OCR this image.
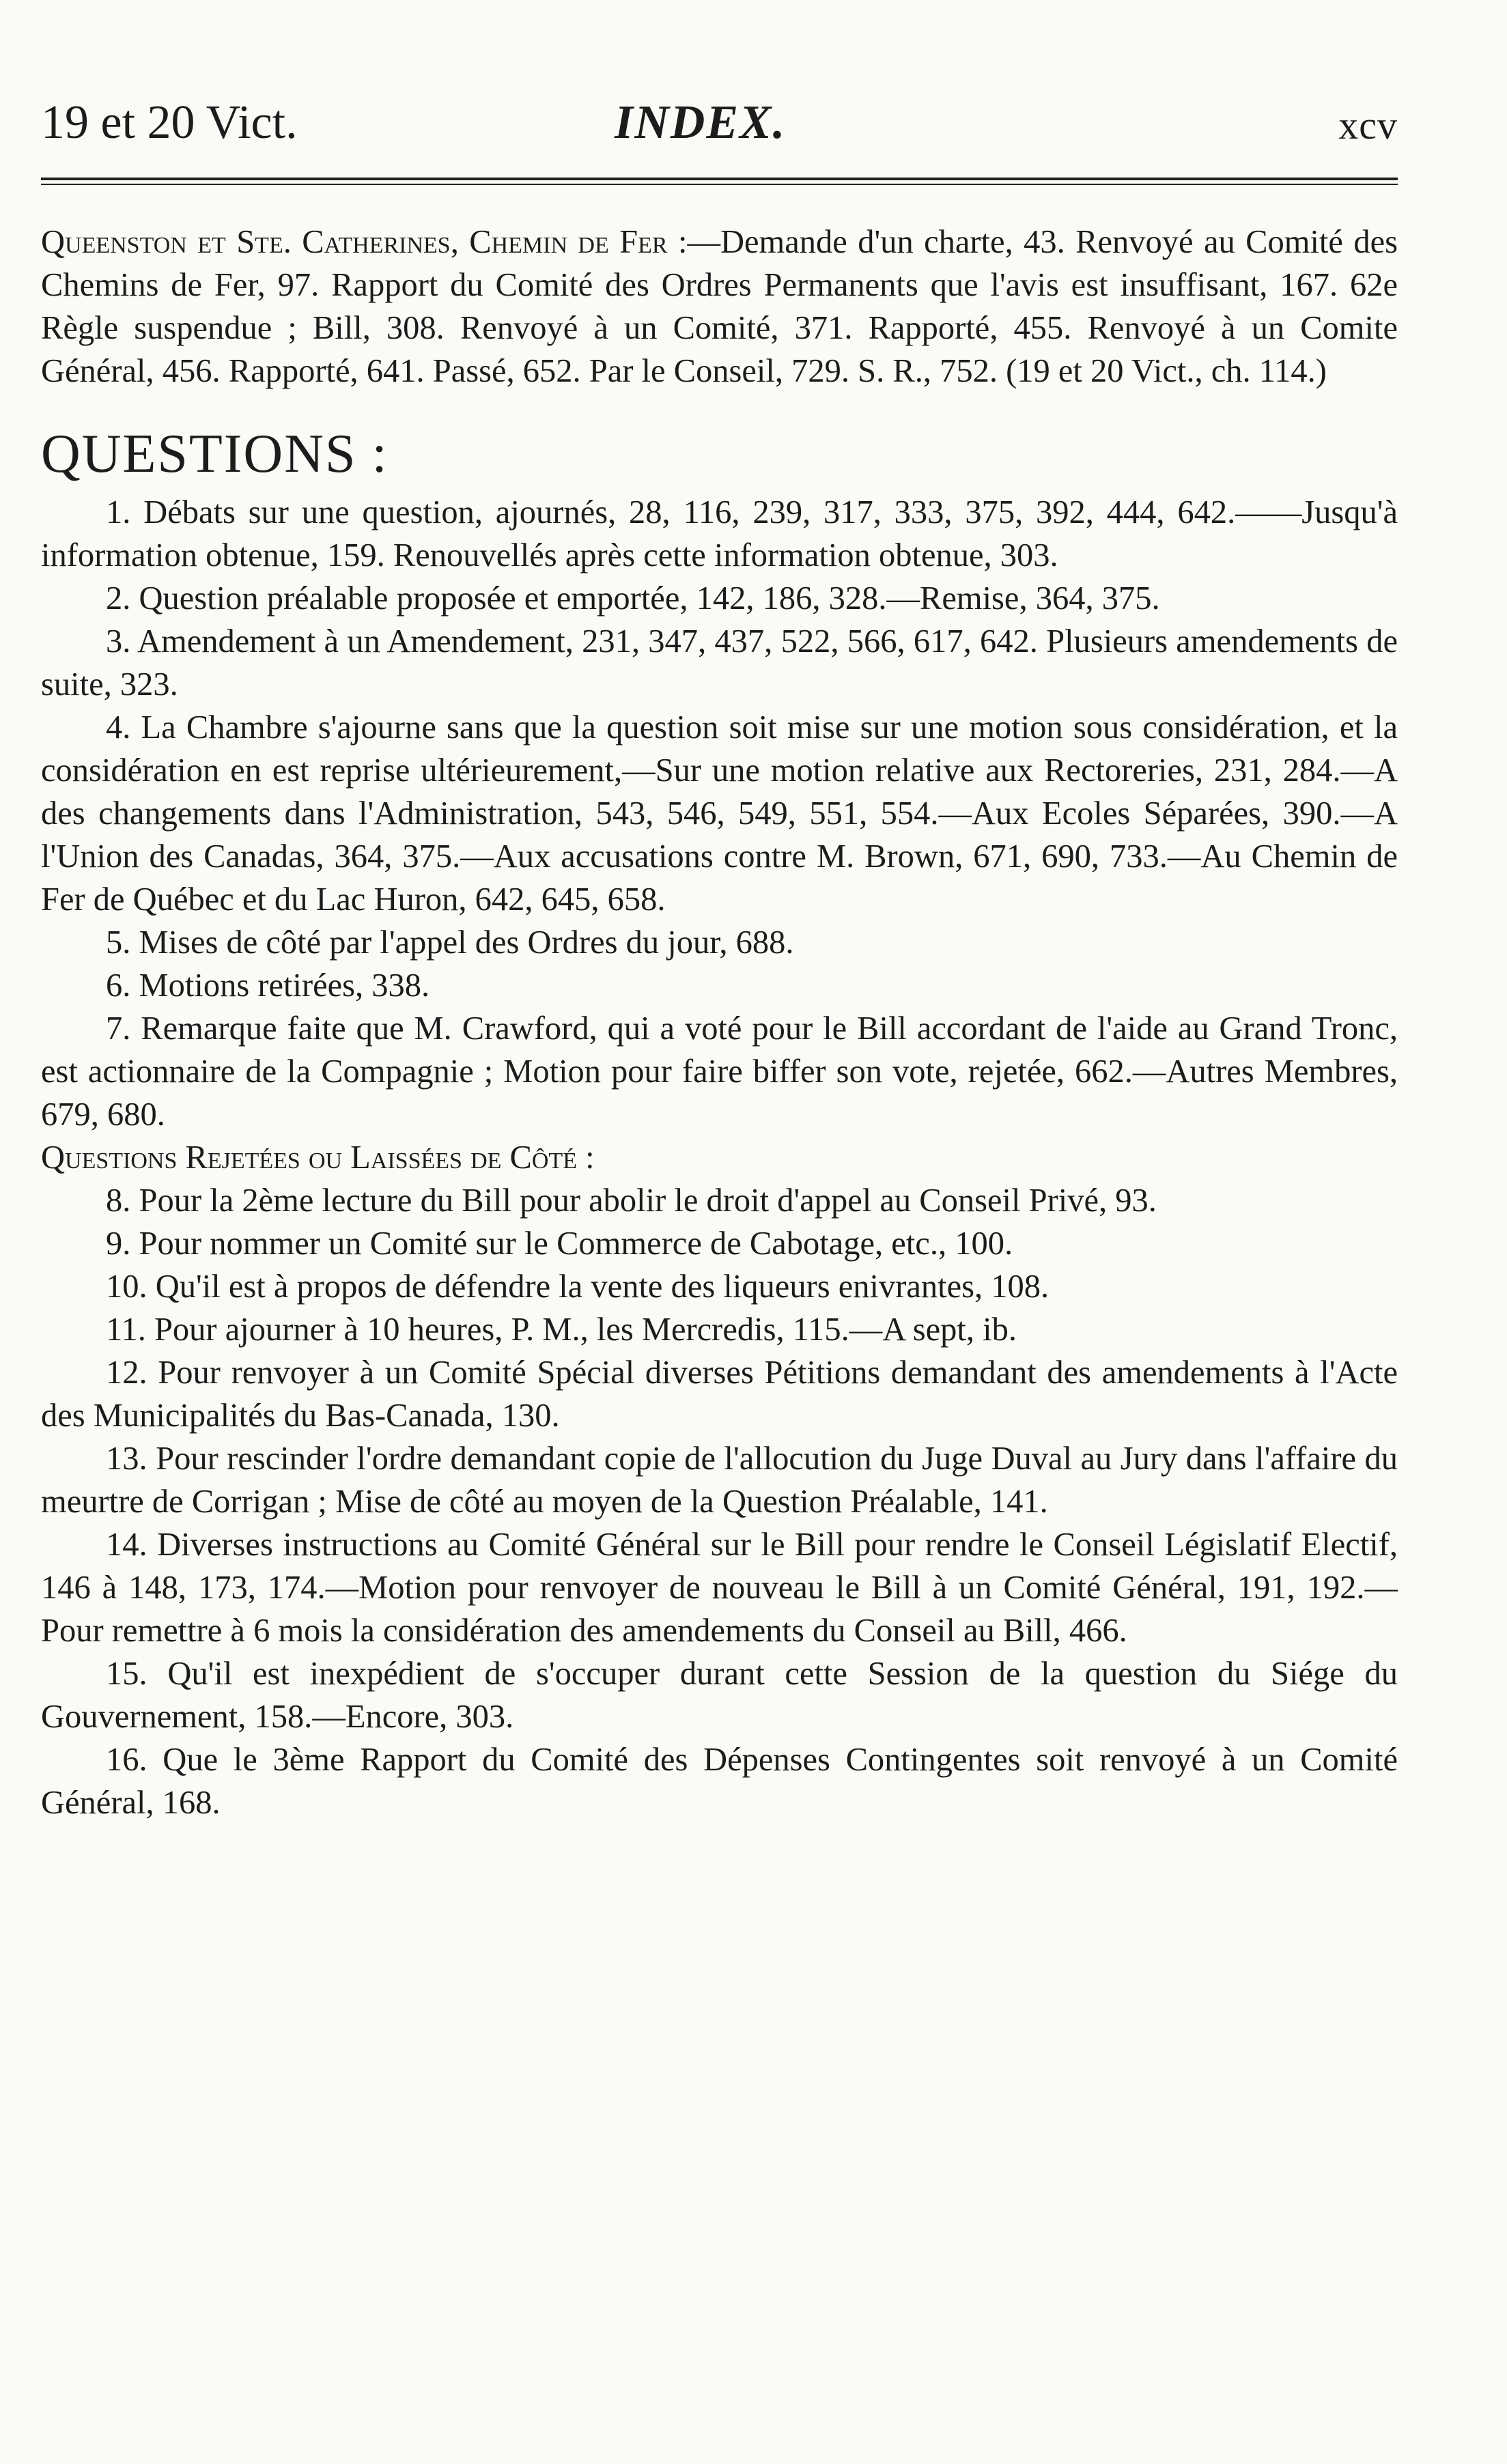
19 et 20 Vict.	INDEX.	xcv

Queenston et Ste. Catherines, Chemin de Fer :—Demande d'un charte, 43. Renvoyé au Comité des Chemins de Fer, 97. Rapport du Comité des Ordres Permanents que l'avis est insuffisant, 167. 62e Règle suspendue ; Bill, 308. Renvoyé à un Comité, 371. Rapporté, 455. Renvoyé à un Comite Général, 456. Rapporté, 641. Passé, 652. Par le Conseil, 729. S. R., 752. (19 et 20 Vict., ch. 114.)

QUESTIONS :

1. Débats sur une question, ajournés, 28, 116, 239, 317, 333, 375, 392, 444, 642.——Jusqu'à information obtenue, 159. Renouvellés après cette information obtenue, 303.

2. Question préalable proposée et emportée, 142, 186, 328.—Remise, 364, 375.

3. Amendement à un Amendement, 231, 347, 437, 522, 566, 617, 642. Plusieurs amendements de suite, 323.

4. La Chambre s'ajourne sans que la question soit mise sur une motion sous considération, et la considération en est reprise ultérieurement,—Sur une motion relative aux Rectoreries, 231, 284.—A des changements dans l'Administration, 543, 546, 549, 551, 554.—Aux Ecoles Séparées, 390.—A l'Union des Canadas, 364, 375.—Aux accusations contre M. Brown, 671, 690, 733.—Au Chemin de Fer de Québec et du Lac Huron, 642, 645, 658.

5. Mises de côté par l'appel des Ordres du jour, 688.

6. Motions retirées, 338.

7. Remarque faite que M. Crawford, qui a voté pour le Bill accordant de l'aide au Grand Tronc, est actionnaire de la Compagnie ; Motion pour faire biffer son vote, rejetée, 662.—Autres Membres, 679, 680.

Questions Rejetées ou Laissées de Côté :

8. Pour la 2ème lecture du Bill pour abolir le droit d'appel au Conseil Privé, 93.

9. Pour nommer un Comité sur le Commerce de Cabotage, etc., 100.

10. Qu'il est à propos de défendre la vente des liqueurs enivrantes, 108.

11. Pour ajourner à 10 heures, P. M., les Mercredis, 115.—A sept, ib.

12. Pour renvoyer à un Comité Spécial diverses Pétitions demandant des amendements à l'Acte des Municipalités du Bas-Canada, 130.

13. Pour rescinder l'ordre demandant copie de l'allocution du Juge Duval au Jury dans l'affaire du meurtre de Corrigan ; Mise de côté au moyen de la Question Préalable, 141.

14. Diverses instructions au Comité Général sur le Bill pour rendre le Conseil Législatif Electif, 146 à 148, 173, 174.—Motion pour renvoyer de nouveau le Bill à un Comité Général, 191, 192.—Pour remettre à 6 mois la considération des amendements du Conseil au Bill, 466.

15. Qu'il est inexpédient de s'occuper durant cette Session de la question du Siége du Gouvernement, 158.—Encore, 303.

16. Que le 3ème Rapport du Comité des Dépenses Contingentes soit renvoyé à un Comité Général, 168.
